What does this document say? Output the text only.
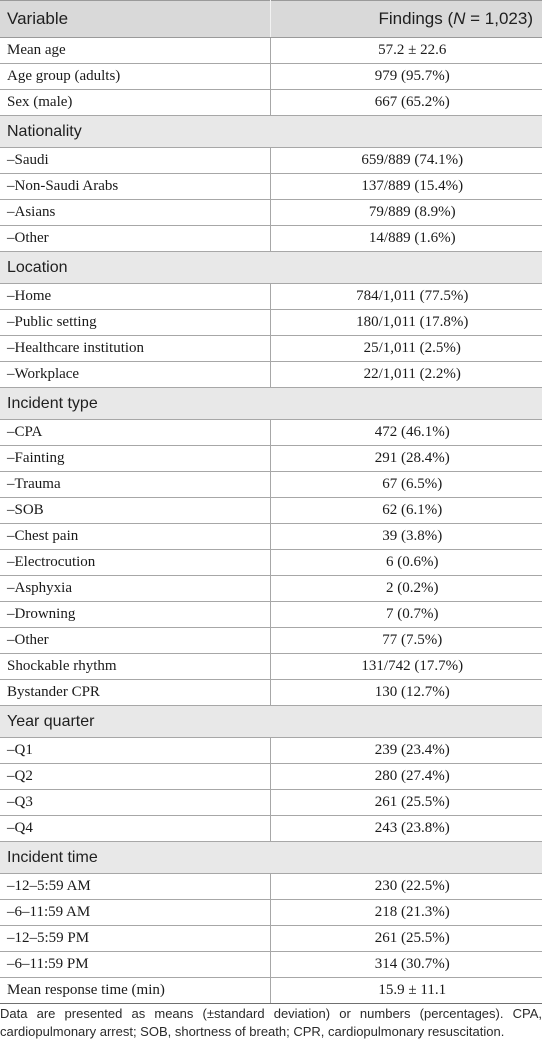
Variable	Findings (N = 1,023)
Mean age	57.2 ± 22.6
Age group (adults)	979 (95.7%)
Sex (male)	667 (65.2%)
Nationality	
–Saudi	659/889 (74.1%)
–Non-Saudi Arabs	137/889 (15.4%)
–Asians	79/889 (8.9%)
–Other	14/889 (1.6%)
Location	
–Home	784/1,011 (77.5%)
–Public setting	180/1,011 (17.8%)
–Healthcare institution	25/1,011 (2.5%)
–Workplace	22/1,011 (2.2%)
Incident type	
–CPA	472 (46.1%)
–Fainting	291 (28.4%)
–Trauma	67 (6.5%)
–SOB	62 (6.1%)
–Chest pain	39 (3.8%)
–Electrocution	6 (0.6%)
–Asphyxia	2 (0.2%)
–Drowning	7 (0.7%)
–Other	77 (7.5%)
Shockable rhythm	131/742 (17.7%)
Bystander CPR	130 (12.7%)
Year quarter	
–Q1	239 (23.4%)
–Q2	280 (27.4%)
–Q3	261 (25.5%)
–Q4	243 (23.8%)
Incident time	
–12–5:59 AM	230 (22.5%)
–6–11:59 AM	218 (21.3%)
–12–5:59 PM	261 (25.5%)
–6–11:59 PM	314 (30.7%)
Mean response time (min)	15.9 ± 11.1

Data are presented as means (±standard deviation) or numbers (percentages). CPA, cardiopulmonary arrest; SOB, shortness of breath; CPR, cardiopulmonary resuscitation.
